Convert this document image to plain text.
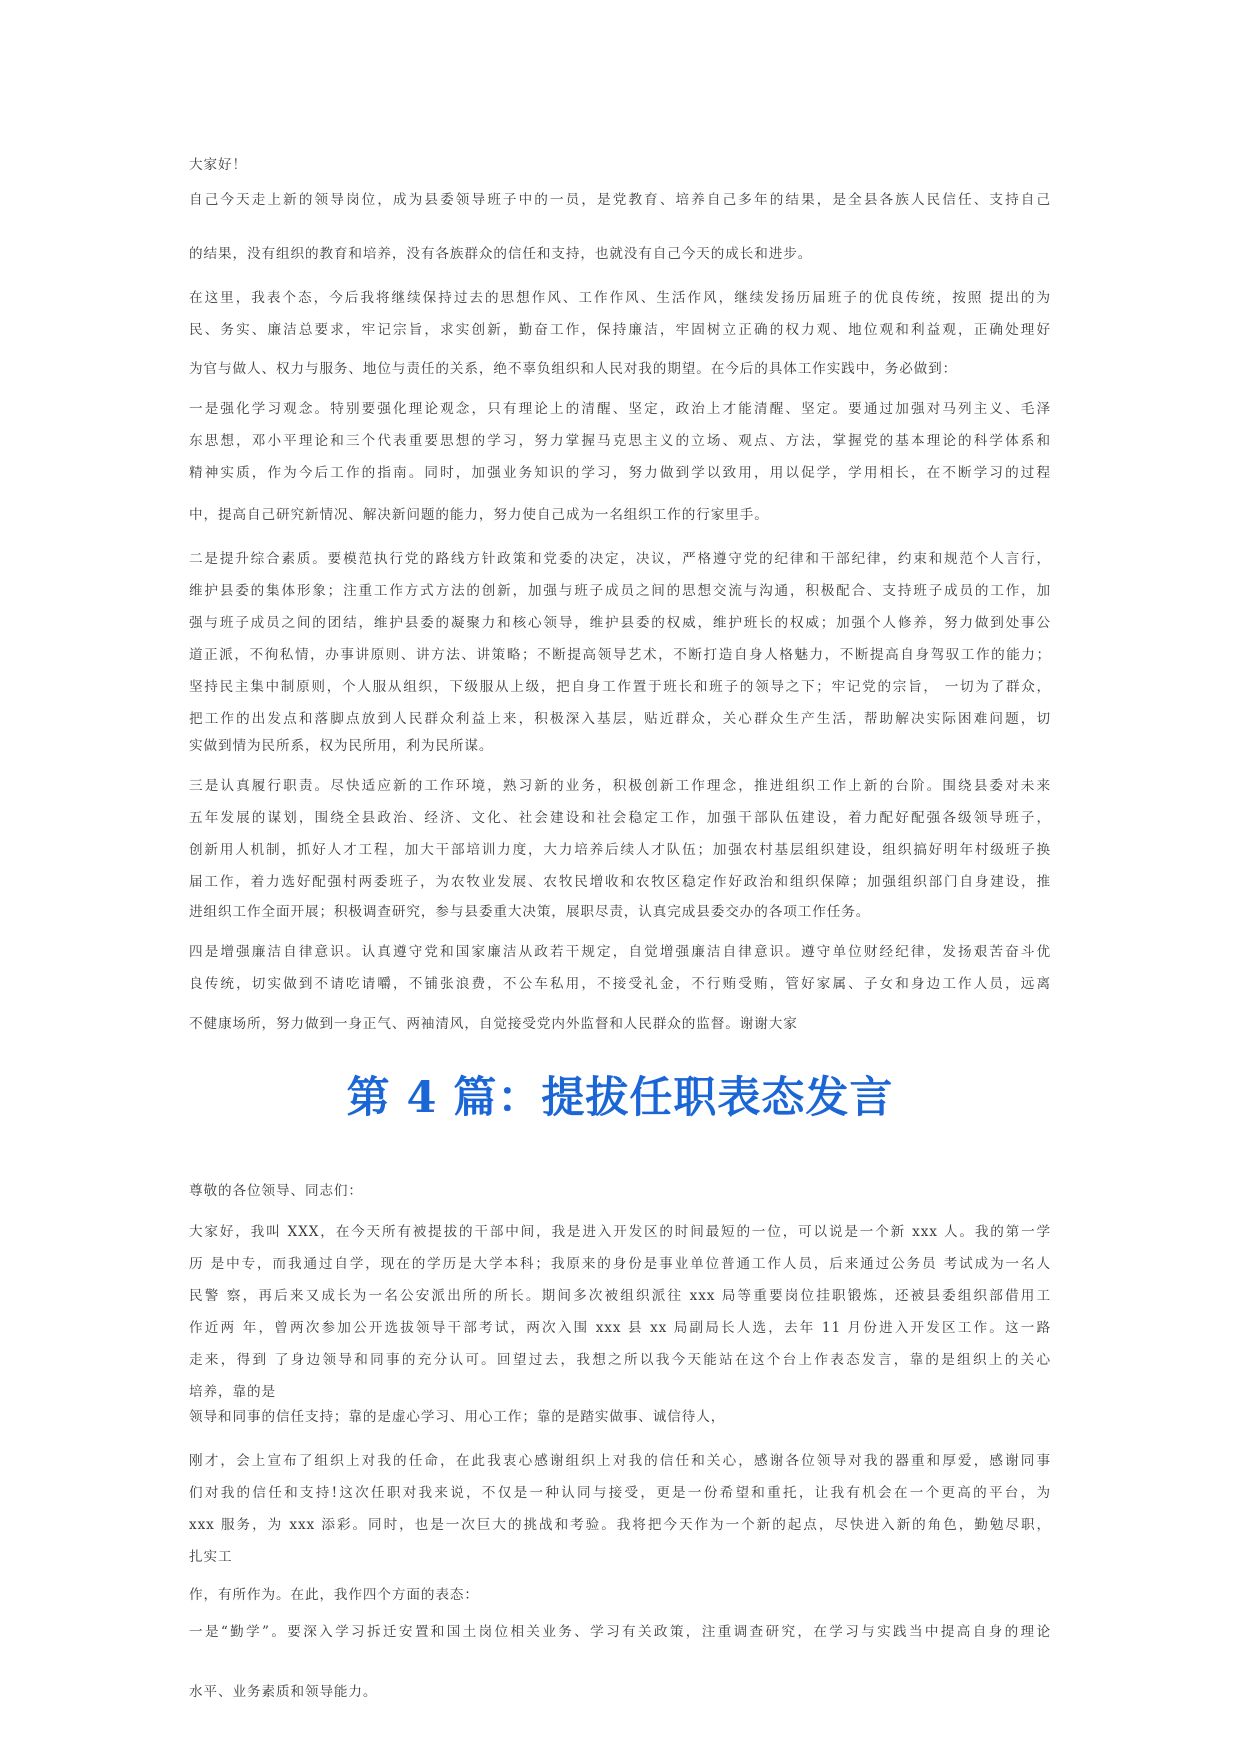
大家好！
自己今天走上新的领导岗位，成为县委领导班子中的一员，是党教育、培养自己多年的结果，是全县各族人民信任、支持自己
的结果，没有组织的教育和培养，没有各族群众的信任和支持，也就没有自己今天的成长和进步。
在这里，我表个态，今后我将继续保持过去的思想作风、工作作风、生活作风，继续发扬历届班子的优良传统，按照 提出的为
民、务实、廉洁总要求，牢记宗旨，求实创新，勤奋工作，保持廉洁，牢固树立正确的权力观、地位观和利益观，正确处理好
为官与做人、权力与服务、地位与责任的关系，绝不辜负组织和人民对我的期望。在今后的具体工作实践中，务必做到：
一是强化学习观念。特别要强化理论观念，只有理论上的清醒、坚定，政治上才能清醒、坚定。要通过加强对马列主义、毛泽
东思想，邓小平理论和三个代表重要思想的学习，努力掌握马克思主义的立场、观点、方法，掌握党的基本理论的科学体系和
精神实质，作为今后工作的指南。同时，加强业务知识的学习，努力做到学以致用，用以促学，学用相长，在不断学习的过程
中，提高自己研究新情况、解决新问题的能力，努力使自己成为一名组织工作的行家里手。
二是提升综合素质。要模范执行党的路线方针政策和党委的决定，决议，严格遵守党的纪律和干部纪律，约束和规范个人言行，
维护县委的集体形象；注重工作方式方法的创新，加强与班子成员之间的思想交流与沟通，积极配合、支持班子成员的工作，加
强与班子成员之间的团结，维护县委的凝聚力和核心领导，维护县委的权威，维护班长的权威；加强个人修养，努力做到处事公
道正派，不徇私情，办事讲原则、讲方法、讲策略；不断提高领导艺术，不断打造自身人格魅力，不断提高自身驾驭工作的能力；
坚持民主集中制原则，个人服从组织，下级服从上级，把自身工作置于班长和班子的领导之下；牢记党的宗旨， 一切为了群众，
把工作的出发点和落脚点放到人民群众利益上来，积极深入基层，贴近群众，关心群众生产生活，帮助解决实际困难问题，切
实做到情为民所系，权为民所用，利为民所谋。
三是认真履行职责。尽快适应新的工作环境，熟习新的业务，积极创新工作理念，推进组织工作上新的台阶。围绕县委对未来
五年发展的谋划，围绕全县政治、经济、文化、社会建设和社会稳定工作，加强干部队伍建设，着力配好配强各级领导班子，
创新用人机制，抓好人才工程，加大干部培训力度，大力培养后续人才队伍；加强农村基层组织建设，组织搞好明年村级班子换
届工作，着力选好配强村两委班子，为农牧业发展、农牧民增收和农牧区稳定作好政治和组织保障；加强组织部门自身建设，推
进组织工作全面开展；积极调查研究，参与县委重大决策，展职尽责，认真完成县委交办的各项工作任务。
四是增强廉洁自律意识。认真遵守党和国家廉洁从政若干规定，自觉增强廉洁自律意识。遵守单位财经纪律，发扬艰苦奋斗优
良传统，切实做到不请吃请嚼，不铺张浪费，不公车私用，不接受礼金，不行贿受贿，管好家属、子女和身边工作人员，远离
不健康场所，努力做到一身正气、两袖清风，自觉接受党内外监督和人民群众的监督。谢谢大家
第 4 篇：提拔任职表态发言
尊敬的各位领导、同志们：
大家好，我叫 XXX，在今天所有被提拔的干部中间，我是进入开发区的时间最短的一位，可以说是一个新 xxx 人。我的第一学
历 是中专，而我通过自学，现在的学历是大学本科；我原来的身份是事业单位普通工作人员，后来通过公务员 考试成为一名人
民警 察，再后来又成长为一名公安派出所的所长。期间多次被组织派往 xxx 局等重要岗位挂职锻炼，还被县委组织部借用工
作近两 年，曾两次参加公开选拔领导干部考试，两次入围 xxx 县 xx 局副局长人选，去年 11 月份进入开发区工作。这一路
走来，得到 了身边领导和同事的充分认可。回望过去，我想之所以我今天能站在这个台上作表态发言，靠的是组织上的关心
培养，靠的是
领导和同事的信任支持；靠的是虚心学习、用心工作；靠的是踏实做事、诚信待人，
刚才，会上宣布了组织上对我的任命，在此我衷心感谢组织上对我的信任和关心，感谢各位领导对我的器重和厚爱，感谢同事
们对我的信任和支持!这次任职对我来说，不仅是一种认同与接受，更是一份希望和重托，让我有机会在一个更高的平台，为
xxx 服务，为 xxx 添彩。同时，也是一次巨大的挑战和考验。我将把今天作为一个新的起点，尽快进入新的角色，勤勉尽职，
扎实工
作，有所作为。在此，我作四个方面的表态：
一是“勤学”。要深入学习拆迁安置和国土岗位相关业务、学习有关政策，注重调查研究，在学习与实践当中提高自身的理论
水平、业务素质和领导能力。
